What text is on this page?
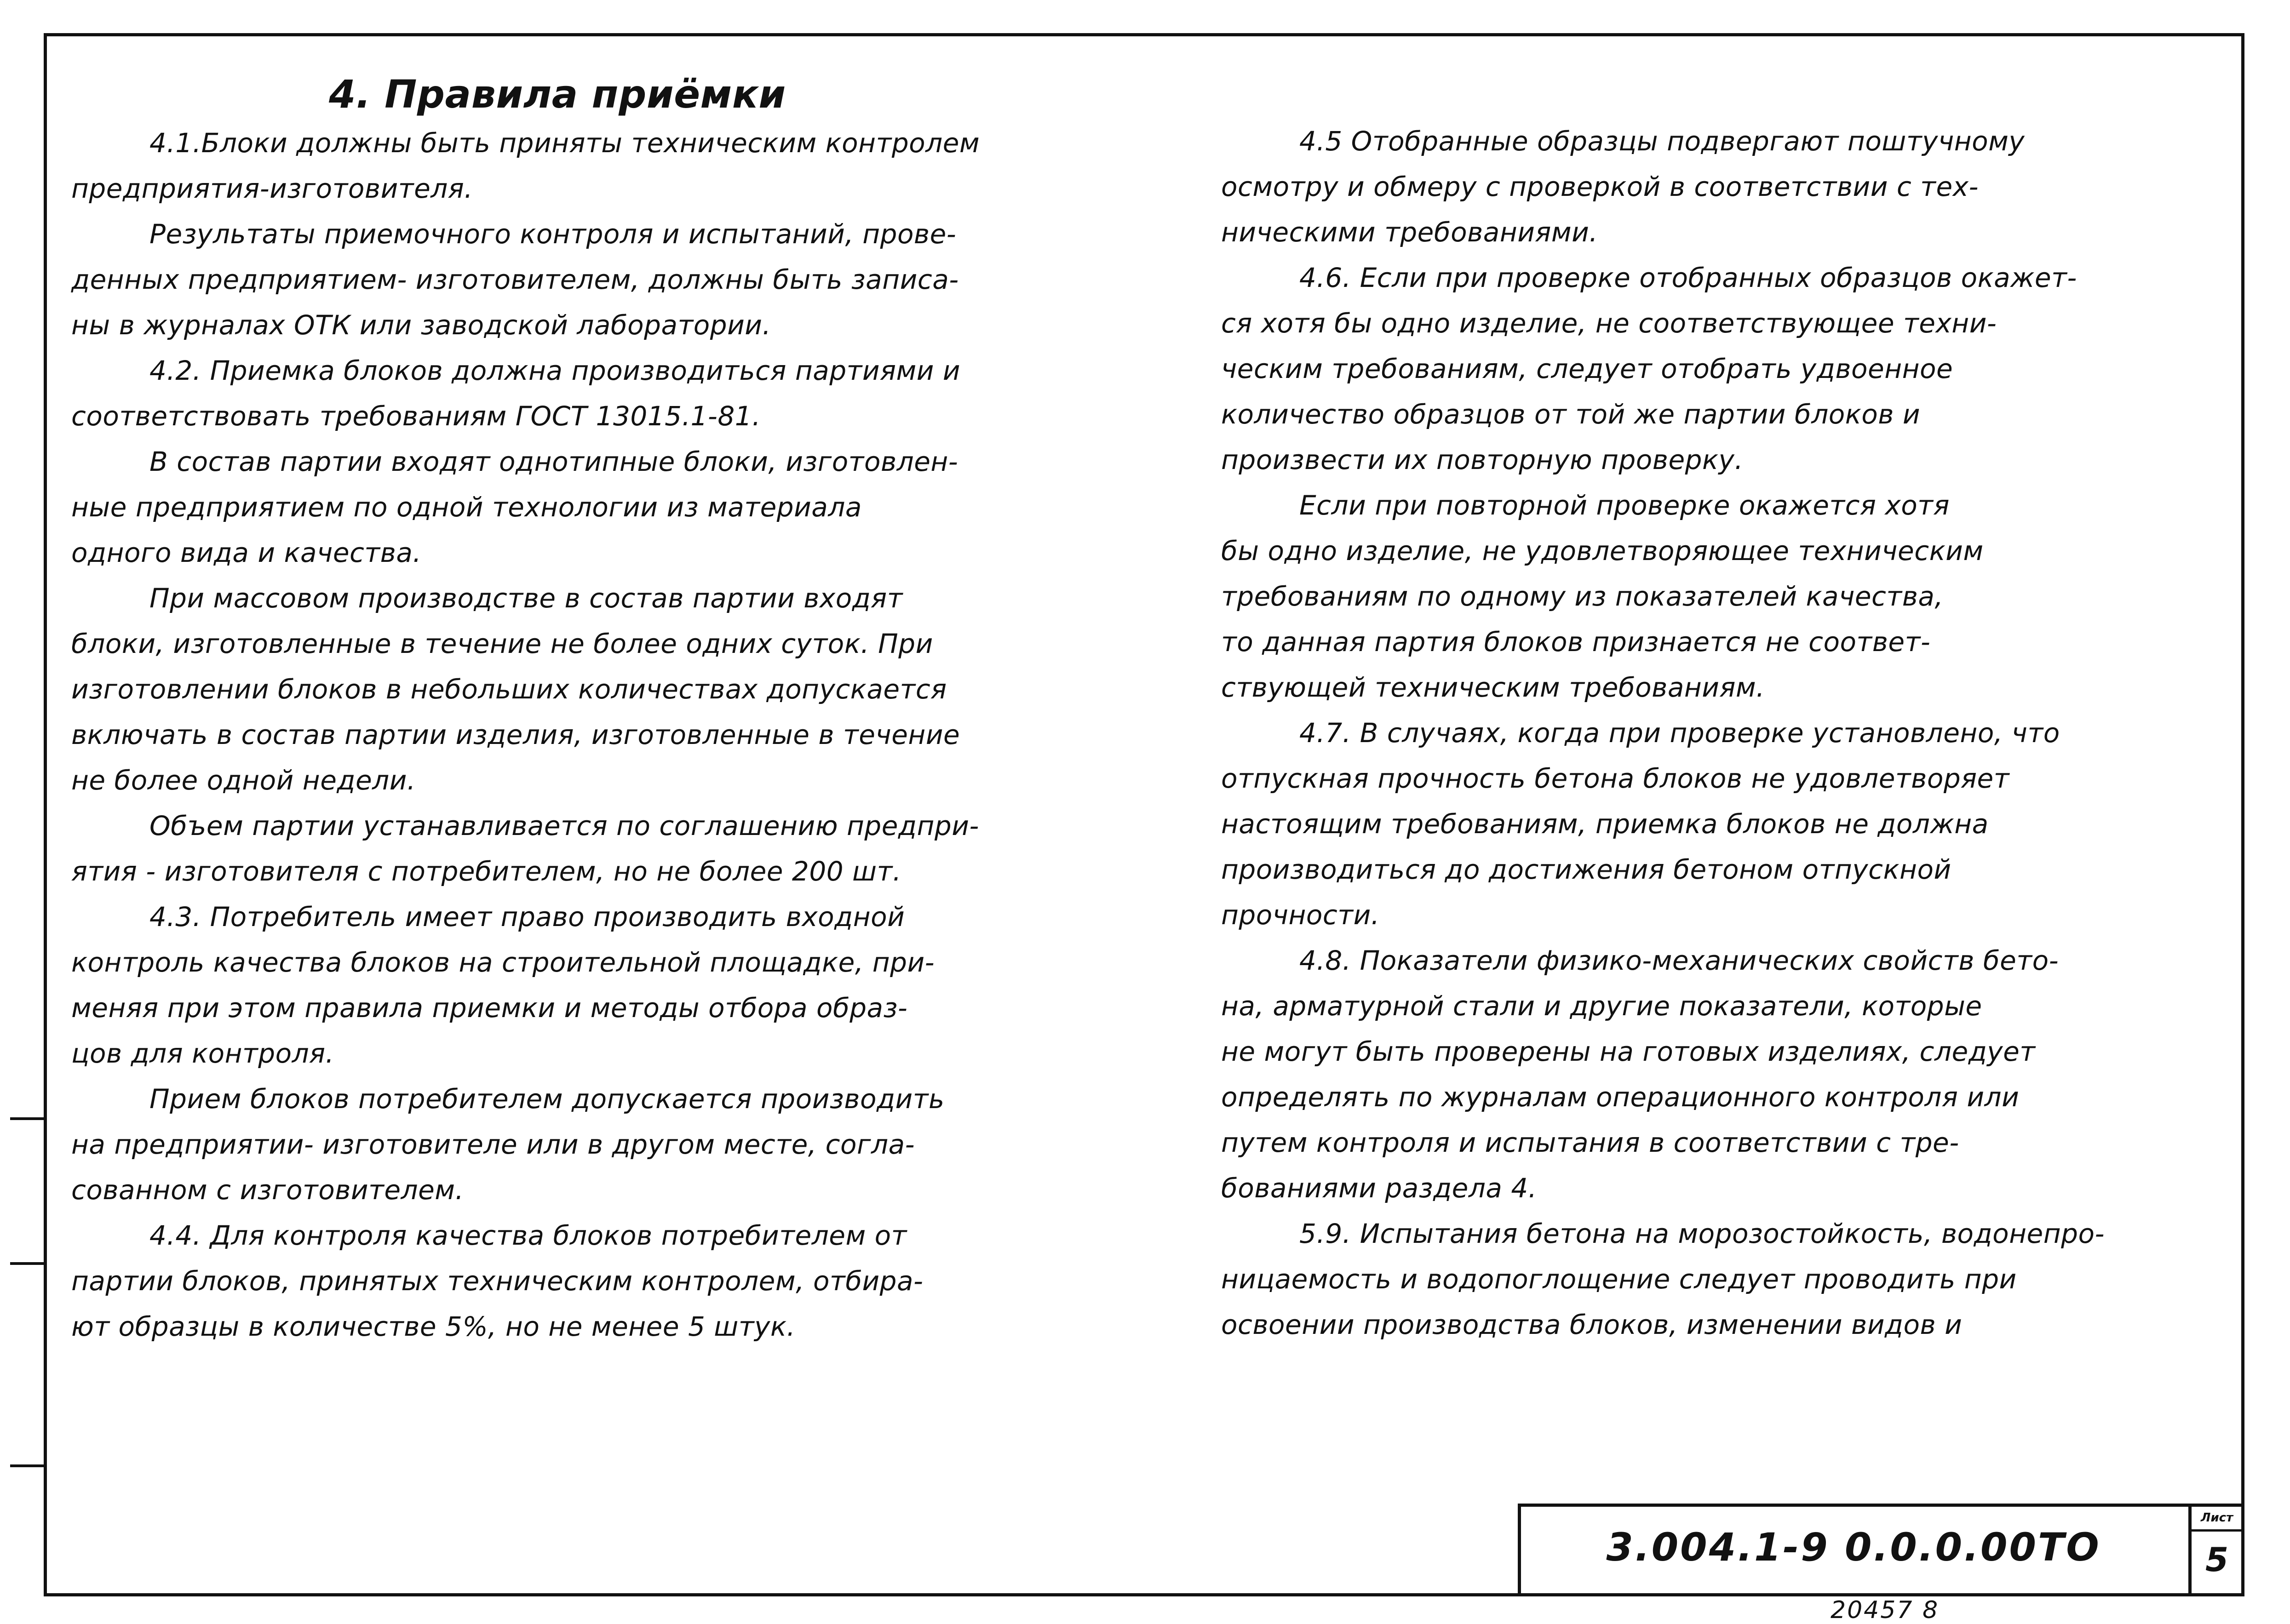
4. Правила приёмки

4.1.Блоки должны быть приняты техническим контролем
предприятия-изготовителя.

Результаты приемочного контроля и испытаний, прове-
денных предприятием- изготовителем, должны быть записа-
ны в журналах ОТК или заводской лаборатории.

4.2. Приемка блоков должна производиться партиями и
соответствовать требованиям ГОСТ 13015.1-81.

В состав партии входят однотипные блоки, изготовлен-
ные предприятием по одной технологии из материала
одного вида и качества.

При массовом производстве в состав партии входят
блоки, изготовленные в течение не более одних суток. При
изготовлении блоков в небольших количествах допускается
включать в состав партии изделия, изготовленные в течение
не более одной недели.

Объем партии устанавливается по соглашению предпри-
ятия - изготовителя с потребителем, но не более 200 шт.

4.3. Потребитель имеет право производить входной
контроль качества блоков на строительной площадке, при-
меняя при этом правила приемки и методы отбора образ-
цов для контроля.

Прием блоков потребителем допускается производить
на предприятии- изготовителе или в другом месте, согла-
сованном с изготовителем.

4.4. Для контроля качества блоков потребителем от
партии блоков, принятых техническим контролем, отбира-
ют образцы в количестве 5%, но не менее 5 штук.

4.5 Отобранные образцы подвергают поштучному
осмотру и обмеру с проверкой в соответствии с тех-
ническими требованиями.

4.6. Если при проверке отобранных образцов окажет-
ся хотя бы одно изделие, не соответствующее техни-
ческим требованиям, следует отобрать удвоенное
количество образцов от той же партии блоков и
произвести их повторную проверку.

Если при повторной проверке окажется хотя
бы одно изделие, не удовлетворяющее техническим
требованиям по одному из показателей качества,
то данная партия блоков признается не соответ-
ствующей техническим требованиям.

4.7. В случаях, когда при проверке установлено, что
отпускная прочность бетона блоков не удовлетворяет
настоящим требованиям, приемка блоков не должна
производиться до достижения бетоном отпускной
прочности.

4.8. Показатели физико-механических свойств бето-
на, арматурной стали и другие показатели, которые
не могут быть проверены на готовых изделиях, следует
определять по журналам операционного контроля или
путем контроля и испытания в соответствии с тре-
бованиями раздела 4.

5.9. Испытания бетона на морозостойкость, водонепро-
ницаемость и водопоглощение следует проводить при
освоении производства блоков, изменении видов и

3.004.1-9 0.0.0.00ТО
Лист
5
20457 8
